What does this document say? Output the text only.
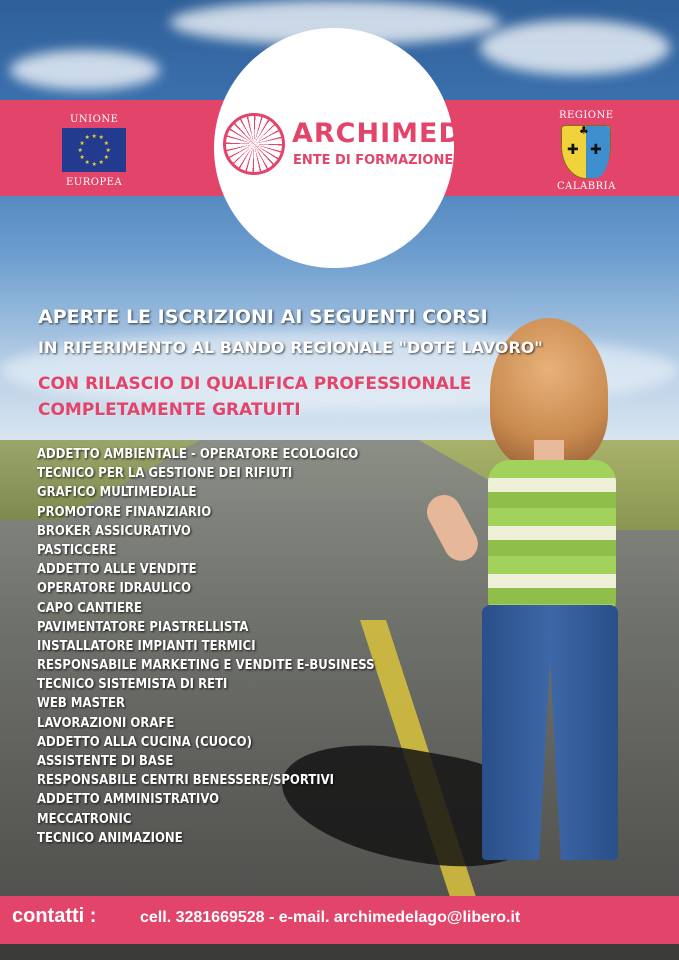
UNIONE
★
★
★
★
★
★
★
★
★ ★ ★
★
EUROPEA
REGIONE
✚ ✚
♣
CALABRIA
ARCHIMEDE
ENTE DI FORMAZIONE
APERTE LE ISCRIZIONI AI SEGUENTI CORSI
IN RIFERIMENTO AL BANDO REGIONALE "DOTE LAVORO"
CON RILASCIO DI QUALIFICA PROFESSIONALE
COMPLETAMENTE GRATUITI
ADDETTO AMBIENTALE - OPERATORE ECOLOGICO
TECNICO PER LA GESTIONE DEI RIFIUTI
GRAFICO MULTIMEDIALE
PROMOTORE FINANZIARIO
BROKER ASSICURATIVO
PASTICCERE
ADDETTO ALLE VENDITE
OPERATORE IDRAULICO
CAPO CANTIERE
PAVIMENTATORE PIASTRELLISTA
INSTALLATORE IMPIANTI TERMICI
RESPONSABILE MARKETING E VENDITE E-BUSINESS
TECNICO SISTEMISTA DI RETI
WEB MASTER
LAVORAZIONI ORAFE
ADDETTO ALLA CUCINA (CUOCO)
ASSISTENTE DI BASE
RESPONSABILE CENTRI BENESSERE/SPORTIVI
ADDETTO AMMINISTRATIVO
MECCATRONIC
TECNICO ANIMAZIONE
contatti :	cell. 3281669528 - e-mail. archimedelago@libero.it
